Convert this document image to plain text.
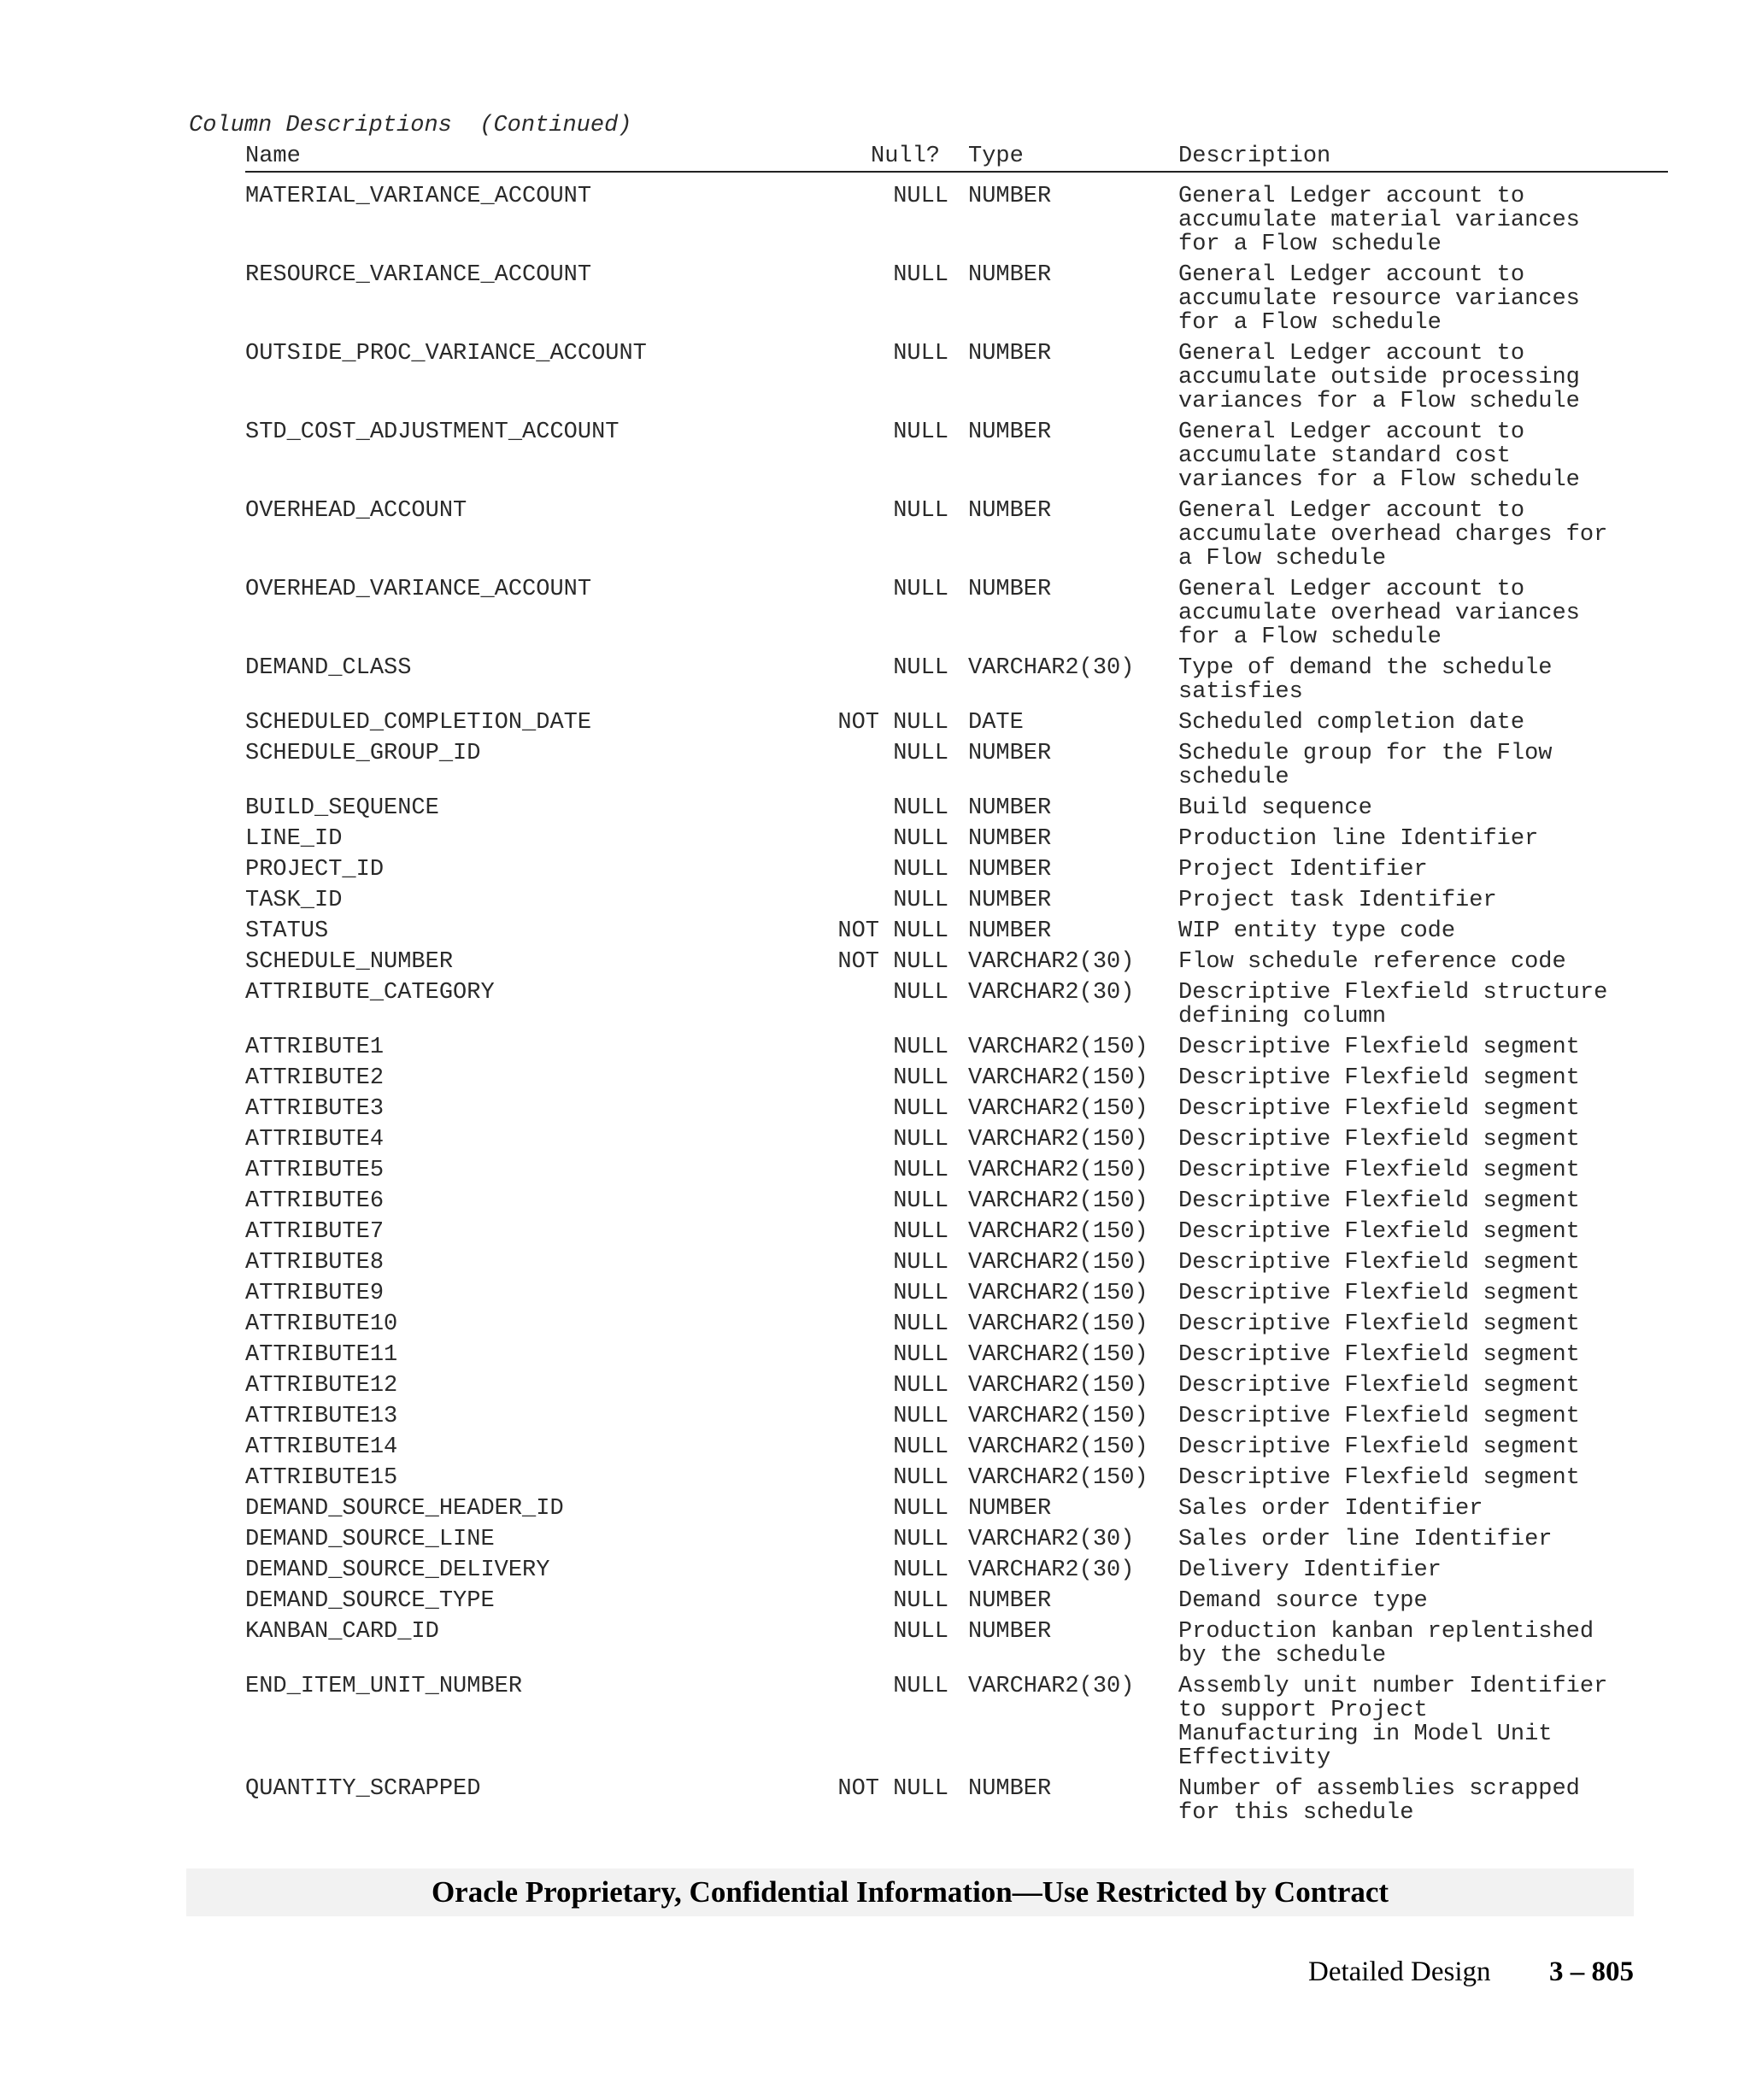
Column Descriptions  (Continued)
Name	Null? Type	Description
MATERIAL_VARIANCE_ACCOUNT	NULL NUMBER	General Ledger account to
accumulate material variances
for a Flow schedule
RESOURCE_VARIANCE_ACCOUNT	NULL NUMBER	General Ledger account to
accumulate resource variances
for a Flow schedule
OUTSIDE_PROC_VARIANCE_ACCOUNT	NULL NUMBER	General Ledger account to
accumulate outside processing
variances for a Flow schedule
STD_COST_ADJUSTMENT_ACCOUNT	NULL NUMBER	General Ledger account to
accumulate standard cost
variances for a Flow schedule
OVERHEAD_ACCOUNT	NULL NUMBER	General Ledger account to
accumulate overhead charges for
a Flow schedule
OVERHEAD_VARIANCE_ACCOUNT	NULL NUMBER	General Ledger account to
accumulate overhead variances
for a Flow schedule
DEMAND_CLASS	NULL VARCHAR2(30) Type of demand the schedule
satisfies
SCHEDULED_COMPLETION_DATE	NOT NULL DATE	Scheduled completion date
SCHEDULE_GROUP_ID	NULL NUMBER	Schedule group for the Flow
schedule
BUILD_SEQUENCE	NULL NUMBER	Build sequence
LINE_ID	NULL NUMBER	Production line Identifier
PROJECT_ID	NULL NUMBER	Project Identifier
TASK_ID	NULL NUMBER	Project task Identifier
STATUS	NOT NULL NUMBER	WIP entity type code
SCHEDULE_NUMBER	NOT NULL VARCHAR2(30) Flow schedule reference code
ATTRIBUTE_CATEGORY	NULL VARCHAR2(30) Descriptive Flexfield structure
defining column
ATTRIBUTE1	NULL VARCHAR2(150) Descriptive Flexfield segment
ATTRIBUTE2	NULL VARCHAR2(150) Descriptive Flexfield segment
ATTRIBUTE3	NULL VARCHAR2(150) Descriptive Flexfield segment
ATTRIBUTE4	NULL VARCHAR2(150) Descriptive Flexfield segment
ATTRIBUTE5	NULL VARCHAR2(150) Descriptive Flexfield segment
ATTRIBUTE6	NULL VARCHAR2(150) Descriptive Flexfield segment
ATTRIBUTE7	NULL VARCHAR2(150) Descriptive Flexfield segment
ATTRIBUTE8	NULL VARCHAR2(150) Descriptive Flexfield segment
ATTRIBUTE9	NULL VARCHAR2(150) Descriptive Flexfield segment
ATTRIBUTE10	NULL VARCHAR2(150) Descriptive Flexfield segment
ATTRIBUTE11	NULL VARCHAR2(150) Descriptive Flexfield segment
ATTRIBUTE12	NULL VARCHAR2(150) Descriptive Flexfield segment
ATTRIBUTE13	NULL VARCHAR2(150) Descriptive Flexfield segment
ATTRIBUTE14	NULL VARCHAR2(150) Descriptive Flexfield segment
ATTRIBUTE15	NULL VARCHAR2(150) Descriptive Flexfield segment
DEMAND_SOURCE_HEADER_ID	NULL NUMBER	Sales order Identifier
DEMAND_SOURCE_LINE	NULL VARCHAR2(30) Sales order line Identifier
DEMAND_SOURCE_DELIVERY	NULL VARCHAR2(30) Delivery Identifier
DEMAND_SOURCE_TYPE	NULL NUMBER	Demand source type
KANBAN_CARD_ID	NULL NUMBER	Production kanban replentished
by the schedule
END_ITEM_UNIT_NUMBER	NULL VARCHAR2(30) Assembly unit number Identifier
to support Project
Manufacturing in Model Unit
Effectivity
QUANTITY_SCRAPPED	NOT NULL NUMBER	Number of assemblies scrapped
for this schedule
Oracle Proprietary, Confidential Information––Use Restricted by Contract
Detailed Design 3 – 805
